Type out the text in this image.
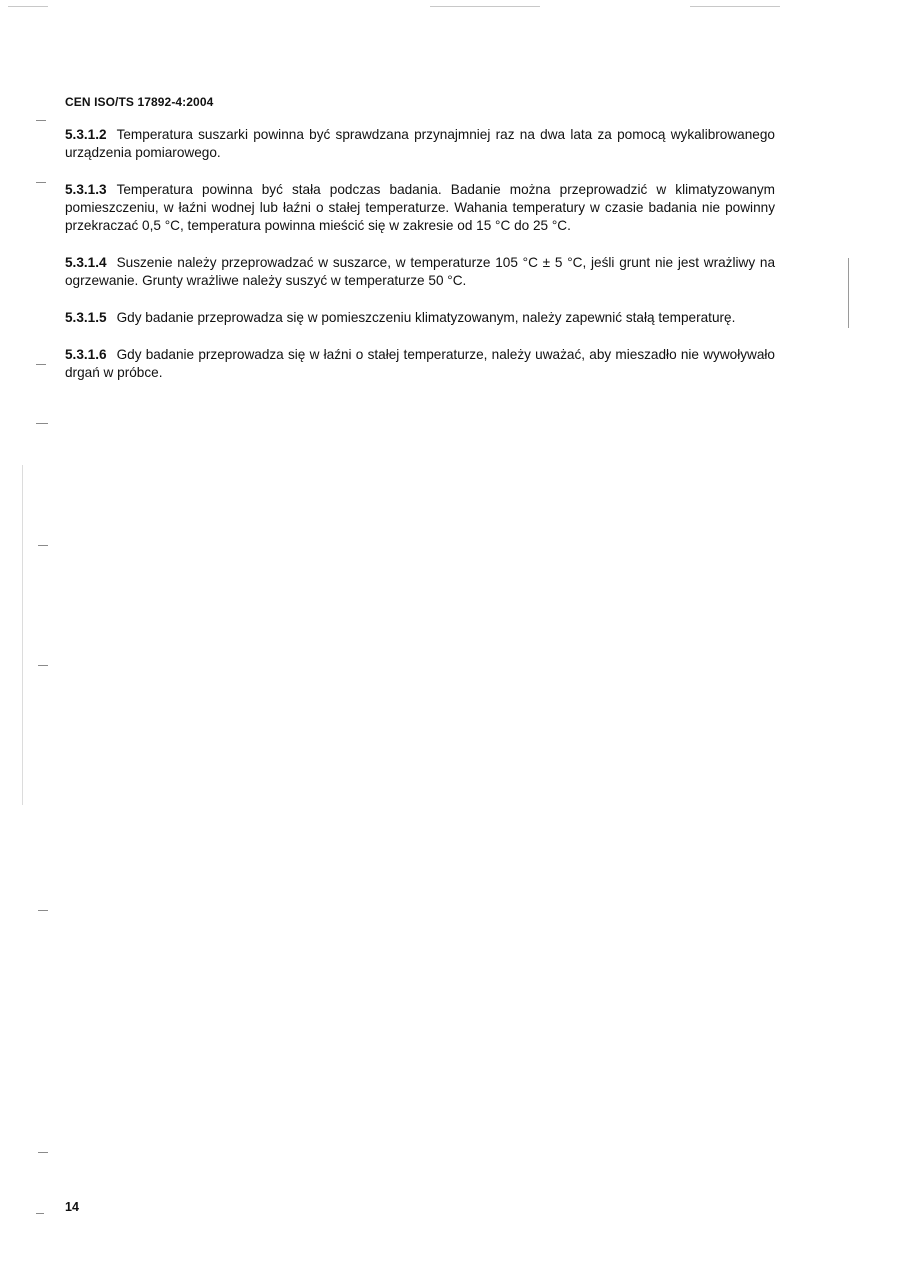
CEN ISO/TS 17892-4:2004

5.3.1.2 Temperatura suszarki powinna być sprawdzana przynajmniej raz na dwa lata za pomocą wykalibrowanego urządzenia pomiarowego.

5.3.1.3 Temperatura powinna być stała podczas badania. Badanie można przeprowadzić w klimatyzowanym pomieszczeniu, w łaźni wodnej lub łaźni o stałej temperaturze. Wahania temperatury w czasie badania nie powinny przekraczać 0,5 °C, temperatura powinna mieścić się w zakresie od 15 °C do 25 °C.

5.3.1.4 Suszenie należy przeprowadzać w suszarce, w temperaturze 105 °C ± 5 °C, jeśli grunt nie jest wrażliwy na ogrzewanie. Grunty wrażliwe należy suszyć w temperaturze 50 °C.

5.3.1.5 Gdy badanie przeprowadza się w pomieszczeniu klimatyzowanym, należy zapewnić stałą temperaturę.

5.3.1.6 Gdy badanie przeprowadza się w łaźni o stałej temperaturze, należy uważać, aby mieszadło nie wywoływało drgań w próbce.

14
